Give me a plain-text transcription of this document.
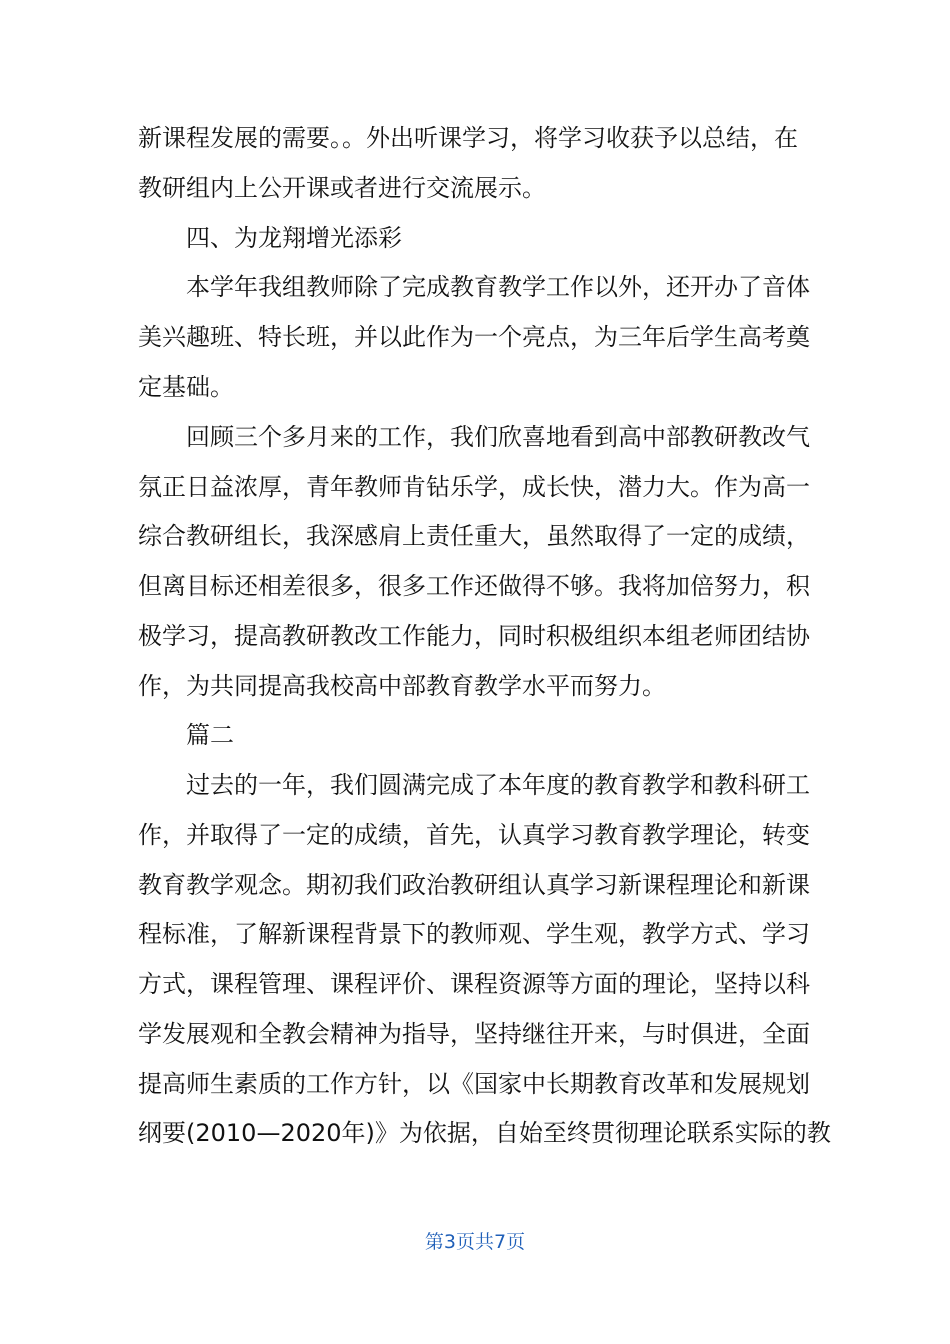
新课程发展的需要。。外出听课学习，将学习收获予以总结，在
教研组内上公开课或者进行交流展示。
四、为龙翔增光添彩
本学年我组教师除了完成教育教学工作以外，还开办了音体
美兴趣班、特长班，并以此作为一个亮点，为三年后学生高考奠
定基础。
回顾三个多月来的工作，我们欣喜地看到高中部教研教改气
氛正日益浓厚，青年教师肯钻乐学，成长快，潜力大。作为高一
综合教研组长，我深感肩上责任重大，虽然取得了一定的成绩，
但离目标还相差很多，很多工作还做得不够。我将加倍努力，积
极学习，提高教研教改工作能力，同时积极组织本组老师团结协
作，为共同提高我校高中部教育教学水平而努力。
篇二
过去的一年，我们圆满完成了本年度的教育教学和教科研工
作，并取得了一定的成绩，首先，认真学习教育教学理论，转变
教育教学观念。期初我们政治教研组认真学习新课程理论和新课
程标准，了解新课程背景下的教师观、学生观，教学方式、学习
方式，课程管理、课程评价、课程资源等方面的理论，坚持以科
学发展观和全教会精神为指导，坚持继往开来，与时俱进，全面
提高师生素质的工作方针，以《国家中长期教育改革和发展规划
纲要(2010—2020年)》为依据，自始至终贯彻理论联系实际的教
第3页共7页
